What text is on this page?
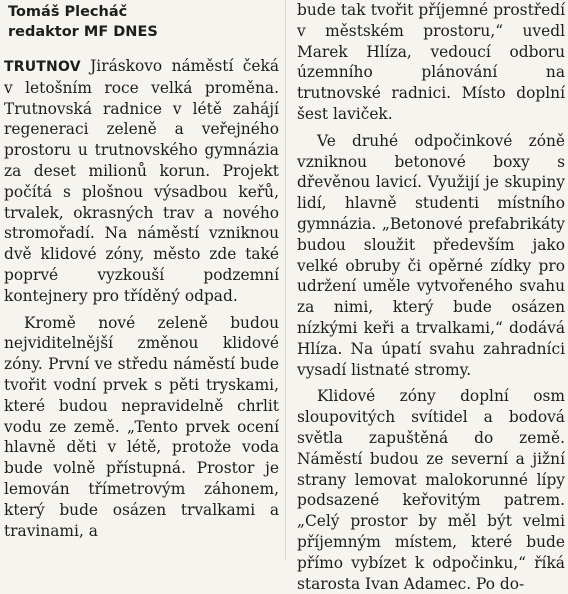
Tomáš Plecháč
redaktor MF DNES

TRUTNOV Jiráskovo náměstí čeká v letošním roce velká proměna. Trutnovská radnice v létě zahájí regeneraci zeleně a veřejného prostoru u trutnovského gymnázia za deset milionů korun. Projekt počítá s plošnou výsadbou keřů, trvalek, okrasných trav a nového stromořadí. Na náměstí vzniknou dvě klidové zóny, město zde také poprvé vyzkouší podzemní kontejnery pro tříděný odpad.

Kromě nové zeleně budou nejviditelnější změnou klidové zóny. První ve středu náměstí bude tvořit vodní prvek s pěti tryskami, které budou nepravidelně chrlit vodu ze země. „Tento prvek ocení hlavně děti v létě, protože voda bude volně přístupná. Prostor je lemován třímetrovým záhonem, který bude osázen trvalkami a travinami, a

bude tak tvořit příjemné prostředí v městském prostoru,“ uvedl Marek Hlíza, vedoucí odboru územního plánování na trutnovské radnici. Místo doplní šest laviček.

Ve druhé odpočinkové zóně vzniknou betonové boxy s dřevěnou lavicí. Využijí je skupiny lidí, hlavně studenti místního gymnázia. „Betonové prefabrikáty budou sloužit především jako velké obruby či opěrné zídky pro udržení uměle vytvořeného svahu za nimi, který bude osázen nízkými keři a trvalkami,“ dodává Hlíza. Na úpatí svahu zahradníci vysadí listnaté stromy.

Klidové zóny doplní osm sloupovitých svítidel a bodová světla zapuštěná do země. Náměstí budou ze severní a jižní strany lemovat malokorunné lípy podsazené keřovitým patrem. „Celý prostor by měl být velmi příjemným místem, které bude přímo vybízet k odpočinku,“ říká starosta Ivan Adamec. Po do-
